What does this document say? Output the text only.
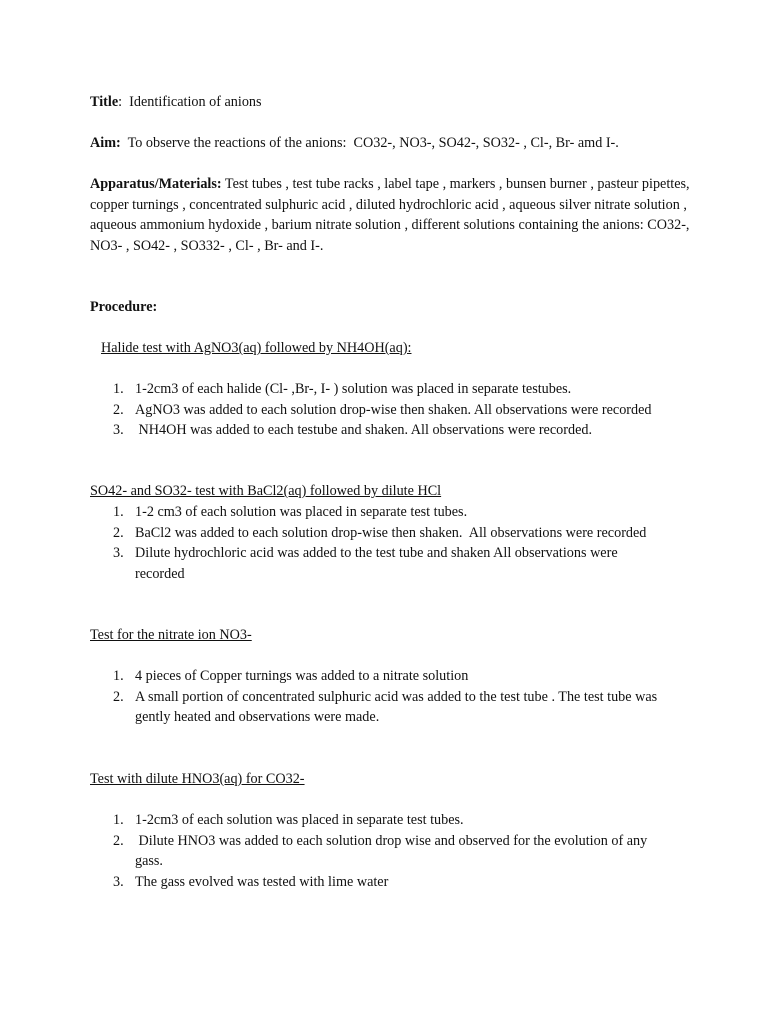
Title:  Identification of anions

Aim:  To observe the reactions of the anions:  CO32-, NO3-, SO42-, SO32- , Cl-, Br- amd I-.

Apparatus/Materials: Test tubes , test tube racks , label tape , markers , bunsen burner , pasteur pipettes, copper turnings , concentrated sulphuric acid , diluted hydrochloric acid , aqueous silver nitrate solution , aqueous ammonium hydoxide , barium nitrate solution , different solutions containing the anions: CO32-, NO3- , SO42- , SO332- , Cl- , Br- and I-.

Procedure:

Halide test with AgNO3(aq) followed by NH4OH(aq):

1. 1-2cm3 of each halide (Cl- ,Br-, I- ) solution was placed in separate testubes.
2. AgNO3 was added to each solution drop-wise then shaken. All observations were recorded
3. NH4OH was added to each testube and shaken. All observations were recorded.

SO42- and SO32- test with BaCl2(aq) followed by dilute HCl

1. 1-2 cm3 of each solution was placed in separate test tubes.
2. BaCl2 was added to each solution drop-wise then shaken.  All observations were recorded
3. Dilute hydrochloric acid was added to the test tube and shaken All observations were recorded

Test for the nitrate ion NO3-

1. 4 pieces of Copper turnings was added to a nitrate solution
2. A small portion of concentrated sulphuric acid was added to the test tube . The test tube was gently heated and observations were made.

Test with dilute HNO3(aq) for CO32-

1. 1-2cm3 of each solution was placed in separate test tubes.
2. Dilute HNO3 was added to each solution drop wise and observed for the evolution of any gass.
3. The gass evolved was tested with lime water
